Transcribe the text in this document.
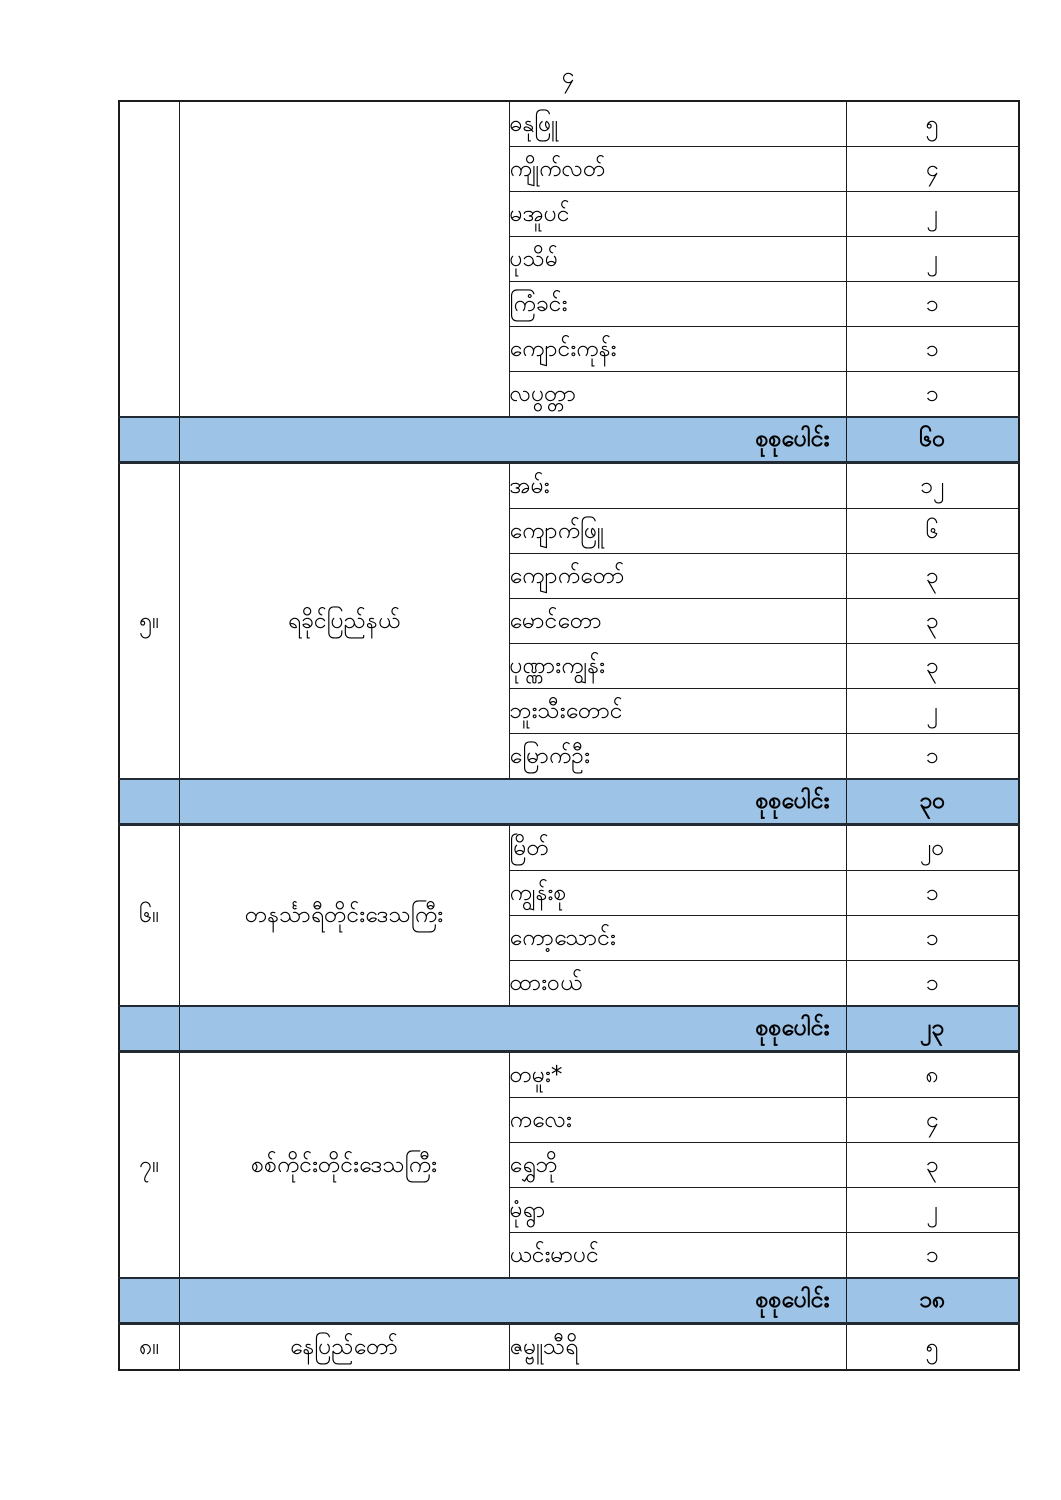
၄
		ဓနုဖြူ	၅
		ကျိုက်လတ်	၄
		မအူပင်	၂
		ပုသိမ်	၂
		ကြံခင်း	၁
		ကျောင်းကုန်း	၁
		လပွတ္တာ	၁
	စုစုပေါင်း		၆၀
၅။	ရခိုင်ပြည်နယ်	အမ်း	၁၂
		ကျောက်ဖြူ	၆
		ကျောက်တော်	၃
		မောင်တော	၃
		ပုဏ္ဏားကျွန်း	၃
		ဘူးသီးတောင်	၂
		မြောက်ဦး	၁
	စုစုပေါင်း		၃၀
၆။	တနင်္သာရီတိုင်းဒေသကြီး	မြိတ်	၂၀
		ကျွန်းစု	၁
		ကော့သောင်း	၁
		ထားဝယ်	၁
	စုစုပေါင်း		၂၃
၇။	စစ်ကိုင်းတိုင်းဒေသကြီး	တမူး*	၈
		ကလေး	၄
		ရွှေဘို	၃
		မုံရွာ	၂
		ယင်းမာပင်	၁
	စုစုပေါင်း		၁၈
၈။	နေပြည်တော်	ဇမ္ဗူသီရိ	၅
